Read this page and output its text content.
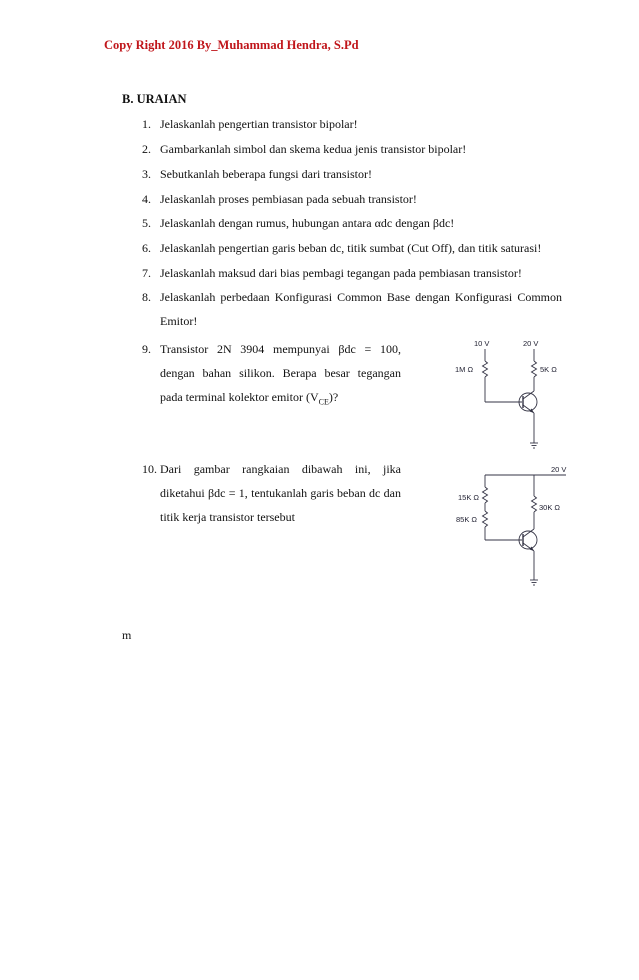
Copy Right 2016 By_Muhammad Hendra, S.Pd
B. URAIAN
1. Jelaskanlah pengertian transistor bipolar!
2. Gambarkanlah simbol dan skema kedua jenis transistor bipolar!
3. Sebutkanlah beberapa fungsi dari transistor!
4. Jelaskanlah proses pembiasan pada sebuah transistor!
5. Jelaskanlah dengan rumus, hubungan antara αdc dengan βdc!
6. Jelaskanlah pengertian garis beban dc, titik sumbat (Cut Off), dan titik saturasi!
7. Jelaskanlah maksud dari bias pembagi tegangan pada pembiasan transistor!
8. Jelaskanlah perbedaan Konfigurasi Common Base dengan Konfigurasi Common Emitor!
9. Transistor 2N 3904 mempunyai βdc = 100, dengan bahan silikon. Berapa besar tegangan pada terminal kolektor emitor $(V_{CE})$?
10. Dari gambar rangkaian dibawah ini, jika diketahui βdc = 1, tentukanlah garis beban dc dan titik kerja transistor tersebut
10 V	20 V
1M Ω	5K Ω
20 V
15K Ω
85K Ω
30K Ω
m
